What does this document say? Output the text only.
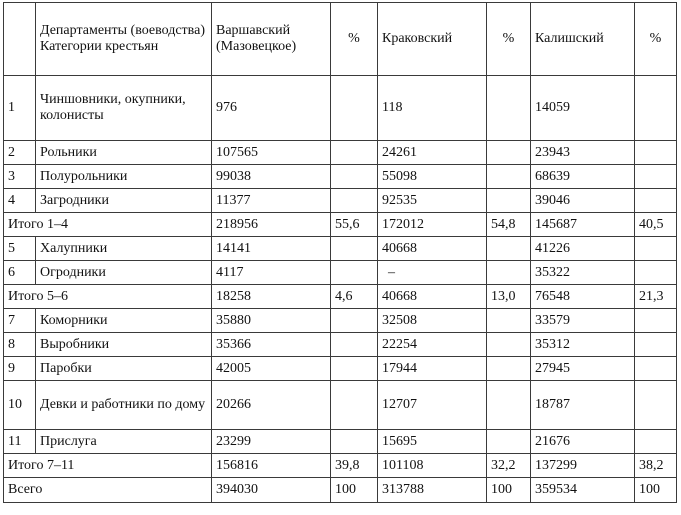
	Департаменты (воеводства) Категории крестьян	Варшавский (Мазовецкое)	%	Краковский	%	Калишский	%
1	Чиншовники, окупники, колонисты	976		118		14059	
2	Рольники	107565		24261		23943	
3	Полурольники	99038		55098		68639	
4	Загродники	11377		92535		39046	
Итого 1–4		218956	55,6	172012	54,8	145687	40,5
5	Халупники	14141		40668		41226	
6	Огродники	4117		–		35322	
Итого 5–6		18258	4,6	40668	13,0	76548	21,3
7	Коморники	35880		32508		33579	
8	Выробники	35366		22254		35312	
9	Паробки	42005		17944		27945	
10	Девки и работники по дому	20266		12707		18787	
11	Прислуга	23299		15695		21676	
Итого 7–11		156816	39,8	101108	32,2	137299	38,2
Всего		394030	100	313788	100	359534	100
